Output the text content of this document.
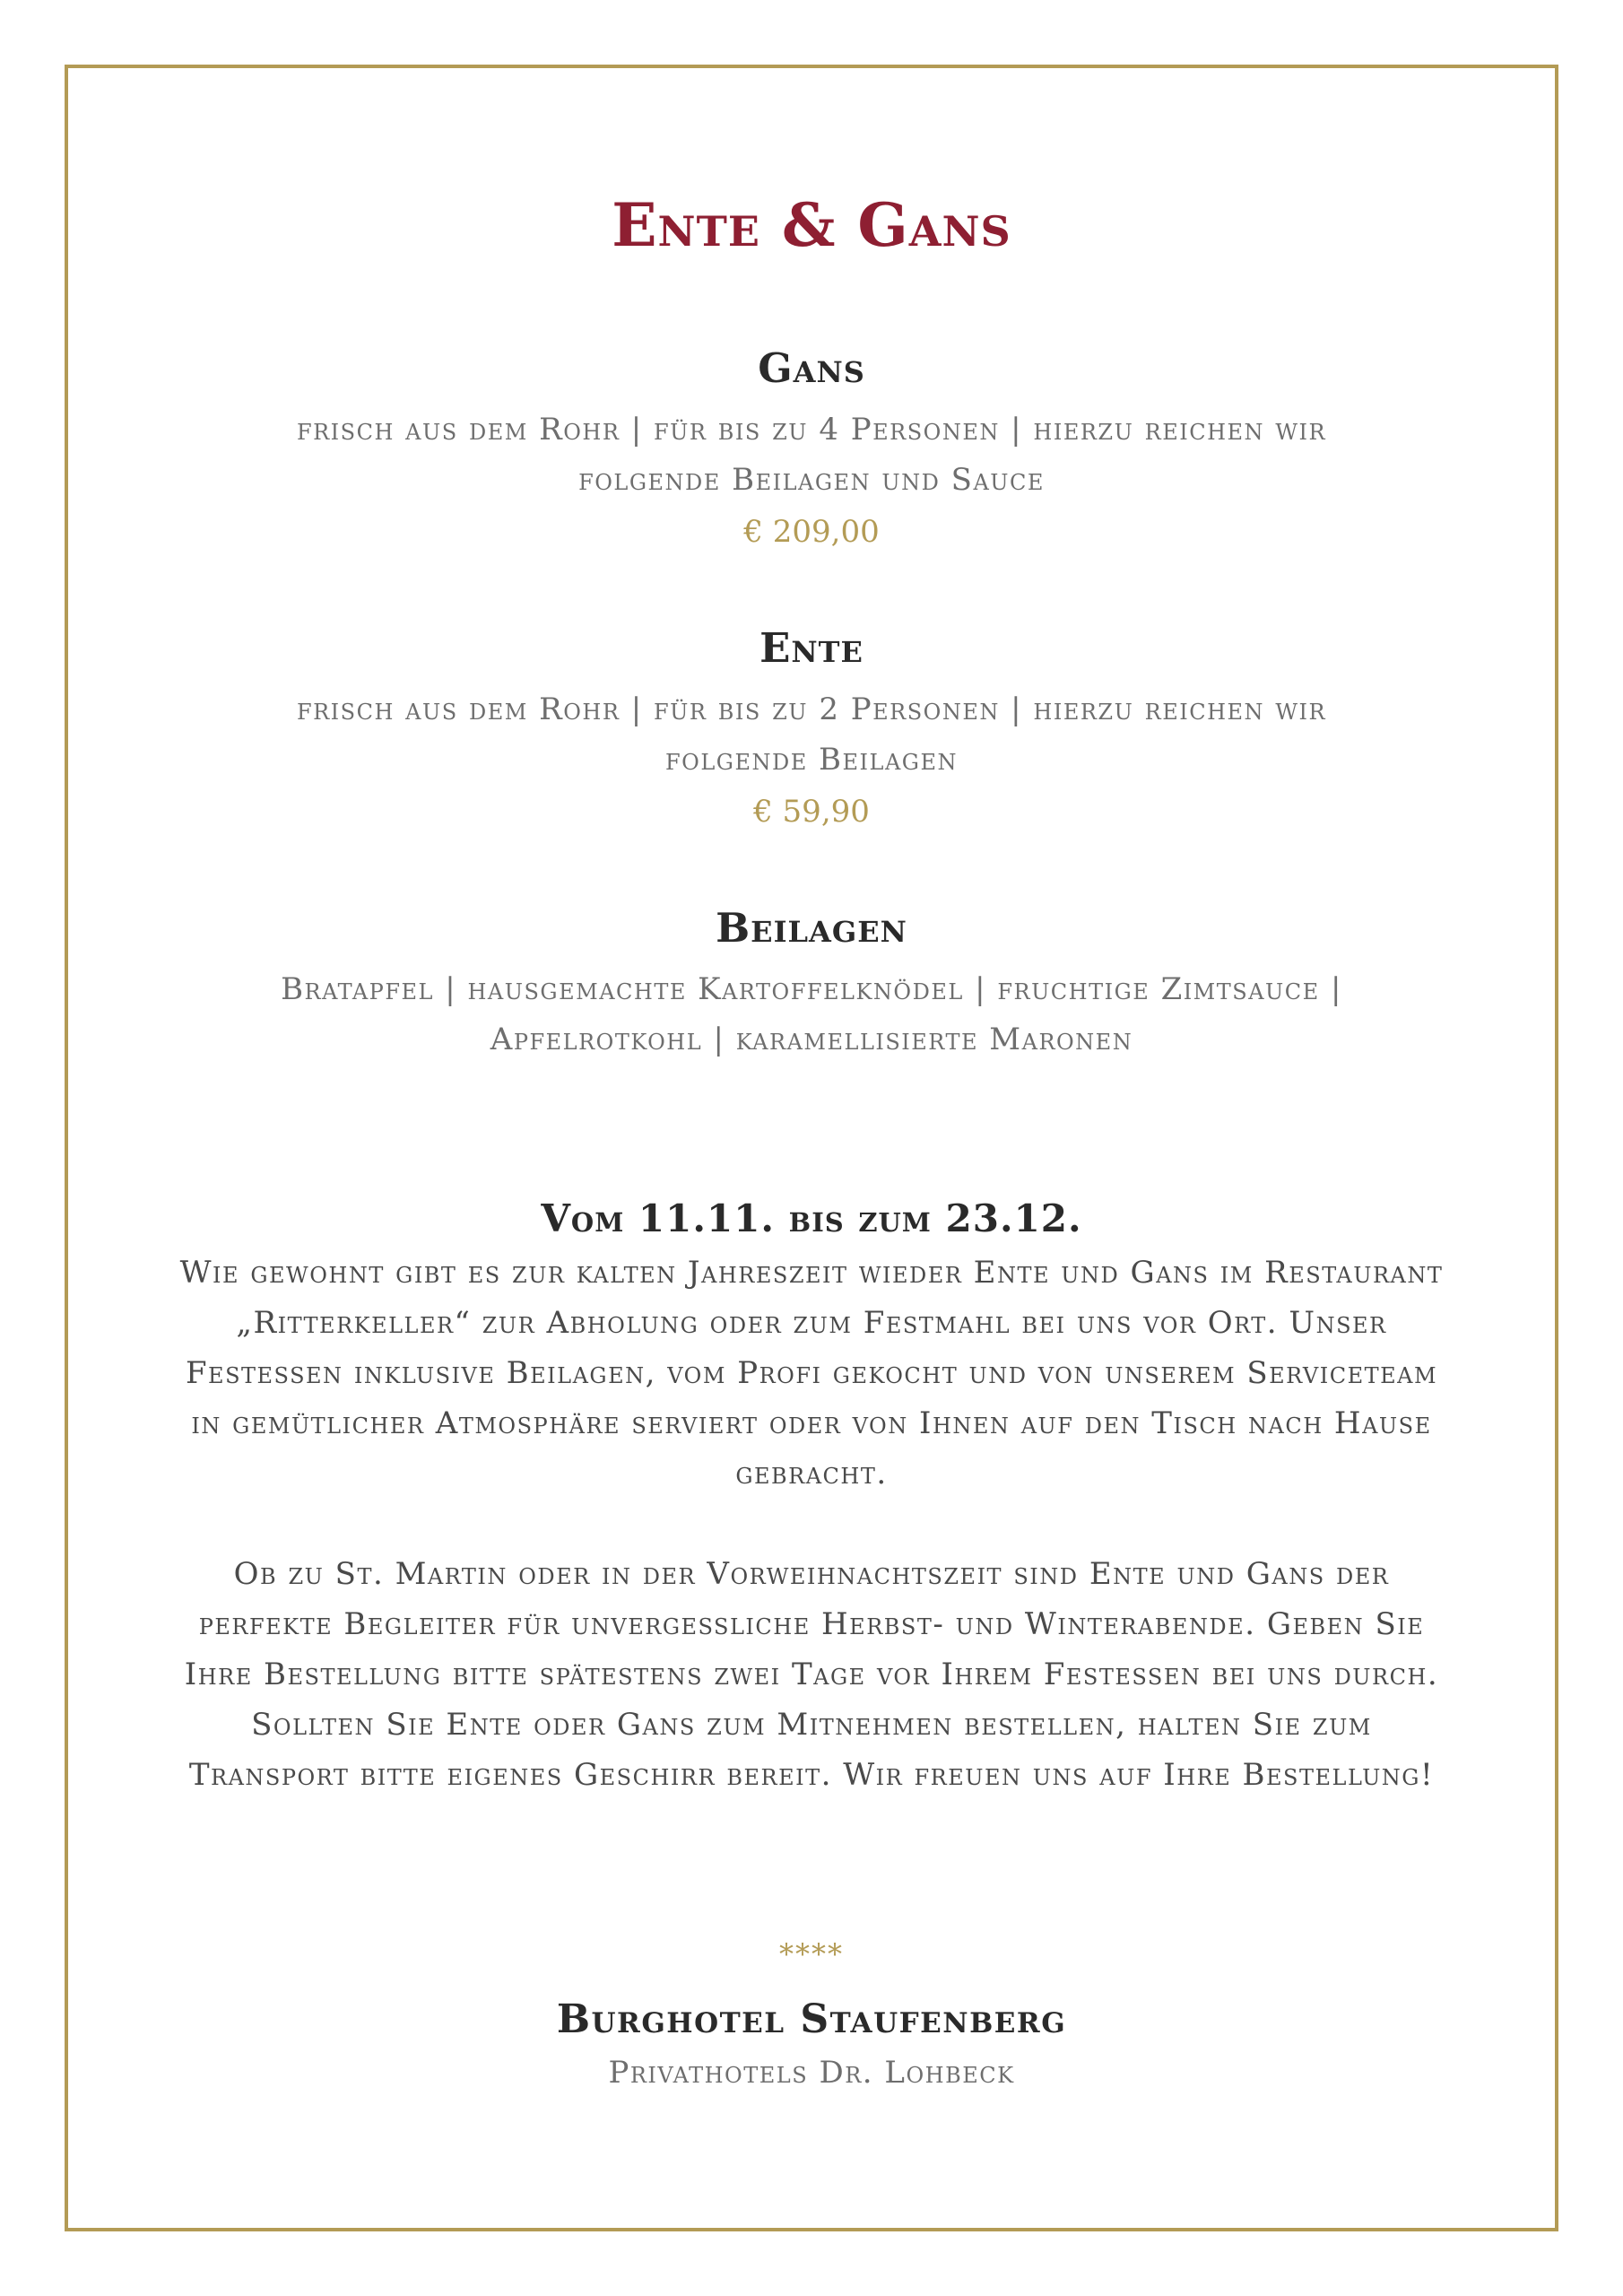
Ente & Gans
Gans

frisch aus dem Rohr | für bis zu 4 Personen | hierzu reichen wir folgende Beilagen und Sauce

€ 209,00

Ente

frisch aus dem Rohr | für bis zu 2 Personen | hierzu reichen wir folgende Beilagen

€ 59,90

Beilagen

Bratapfel | hausgemachte Kartoffelknödel | fruchtige Zimtsauce | Apfelrotkohl | karamellisierte Maronen

Vom 11.11. bis zum 23.12.

Wie gewohnt gibt es zur kalten Jahreszeit wieder Ente und Gans im Restaurant „Ritterkeller“ zur Abholung oder zum Festmahl bei uns vor Ort. Unser Festessen inklusive Beilagen, vom Profi gekocht und von unserem Serviceteam in gemütlicher Atmosphäre serviert oder von Ihnen auf den Tisch nach Hause gebracht.

Ob zu St. Martin oder in der Vorweihnachtszeit sind Ente und Gans der perfekte Begleiter für unvergessliche Herbst- und Winterabende. Geben Sie Ihre Bestellung bitte spätestens zwei Tage vor Ihrem Festessen bei uns durch. Sollten Sie Ente oder Gans zum Mitnehmen bestellen, halten Sie zum Transport bitte eigenes Geschirr bereit. Wir freuen uns auf Ihre Bestellung!

****

Burghotel Staufenberg

Privathotels Dr. Lohbeck
